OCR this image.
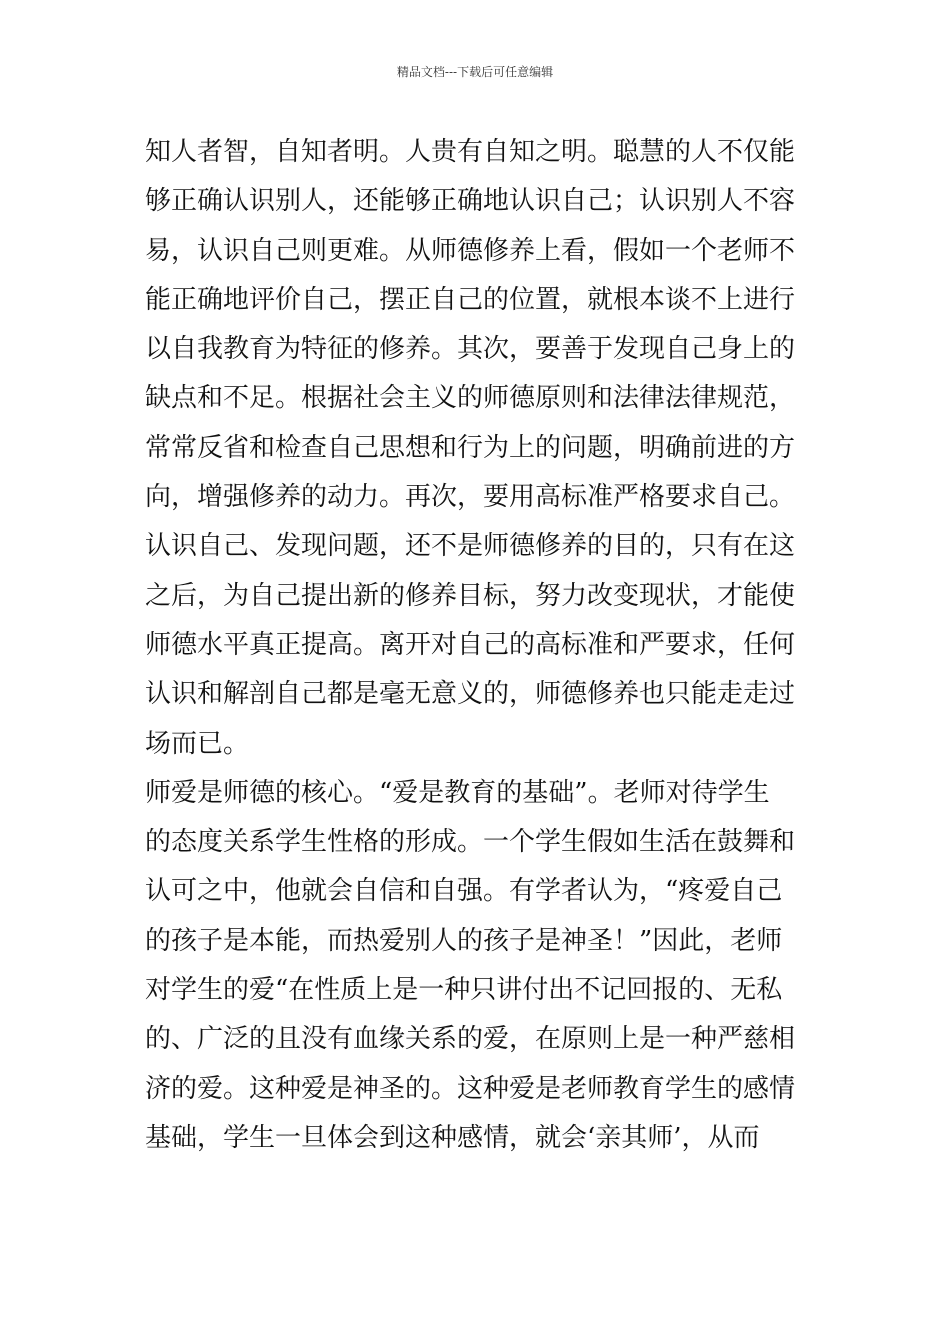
精品文档---下载后可任意编辑
知人者智，自知者明。人贵有自知之明。聪慧的人不仅能
够正确认识别人，还能够正确地认识自己；认识别人不容
易，认识自己则更难。从师德修养上看，假如一个老师不
能正确地评价自己，摆正自己的位置，就根本谈不上进行
以自我教育为特征的修养。其次，要善于发现自己身上的
缺点和不足。根据社会主义的师德原则和法律法律规范，
常常反省和检查自己思想和行为上的问题，明确前进的方
向，增强修养的动力。再次，要用高标准严格要求自己。
认识自己、发现问题，还不是师德修养的目的，只有在这
之后，为自己提出新的修养目标，努力改变现状，才能使
师德水平真正提高。离开对自己的高标准和严要求，任何
认识和解剖自己都是毫无意义的，师德修养也只能走走过
场而已。
师爱是师德的核心。“爱是教育的基础”。老师对待学生
的态度关系学生性格的形成。一个学生假如生活在鼓舞和
认可之中，他就会自信和自强。有学者认为，“疼爱自己
的孩子是本能，而热爱别人的孩子是神圣！”因此，老师
对学生的爱“在性质上是一种只讲付出不记回报的、无私
的、广泛的且没有血缘关系的爱，在原则上是一种严慈相
济的爱。这种爱是神圣的。这种爱是老师教育学生的感情
基础，学生一旦体会到这种感情，就会‘亲其师’，从而
